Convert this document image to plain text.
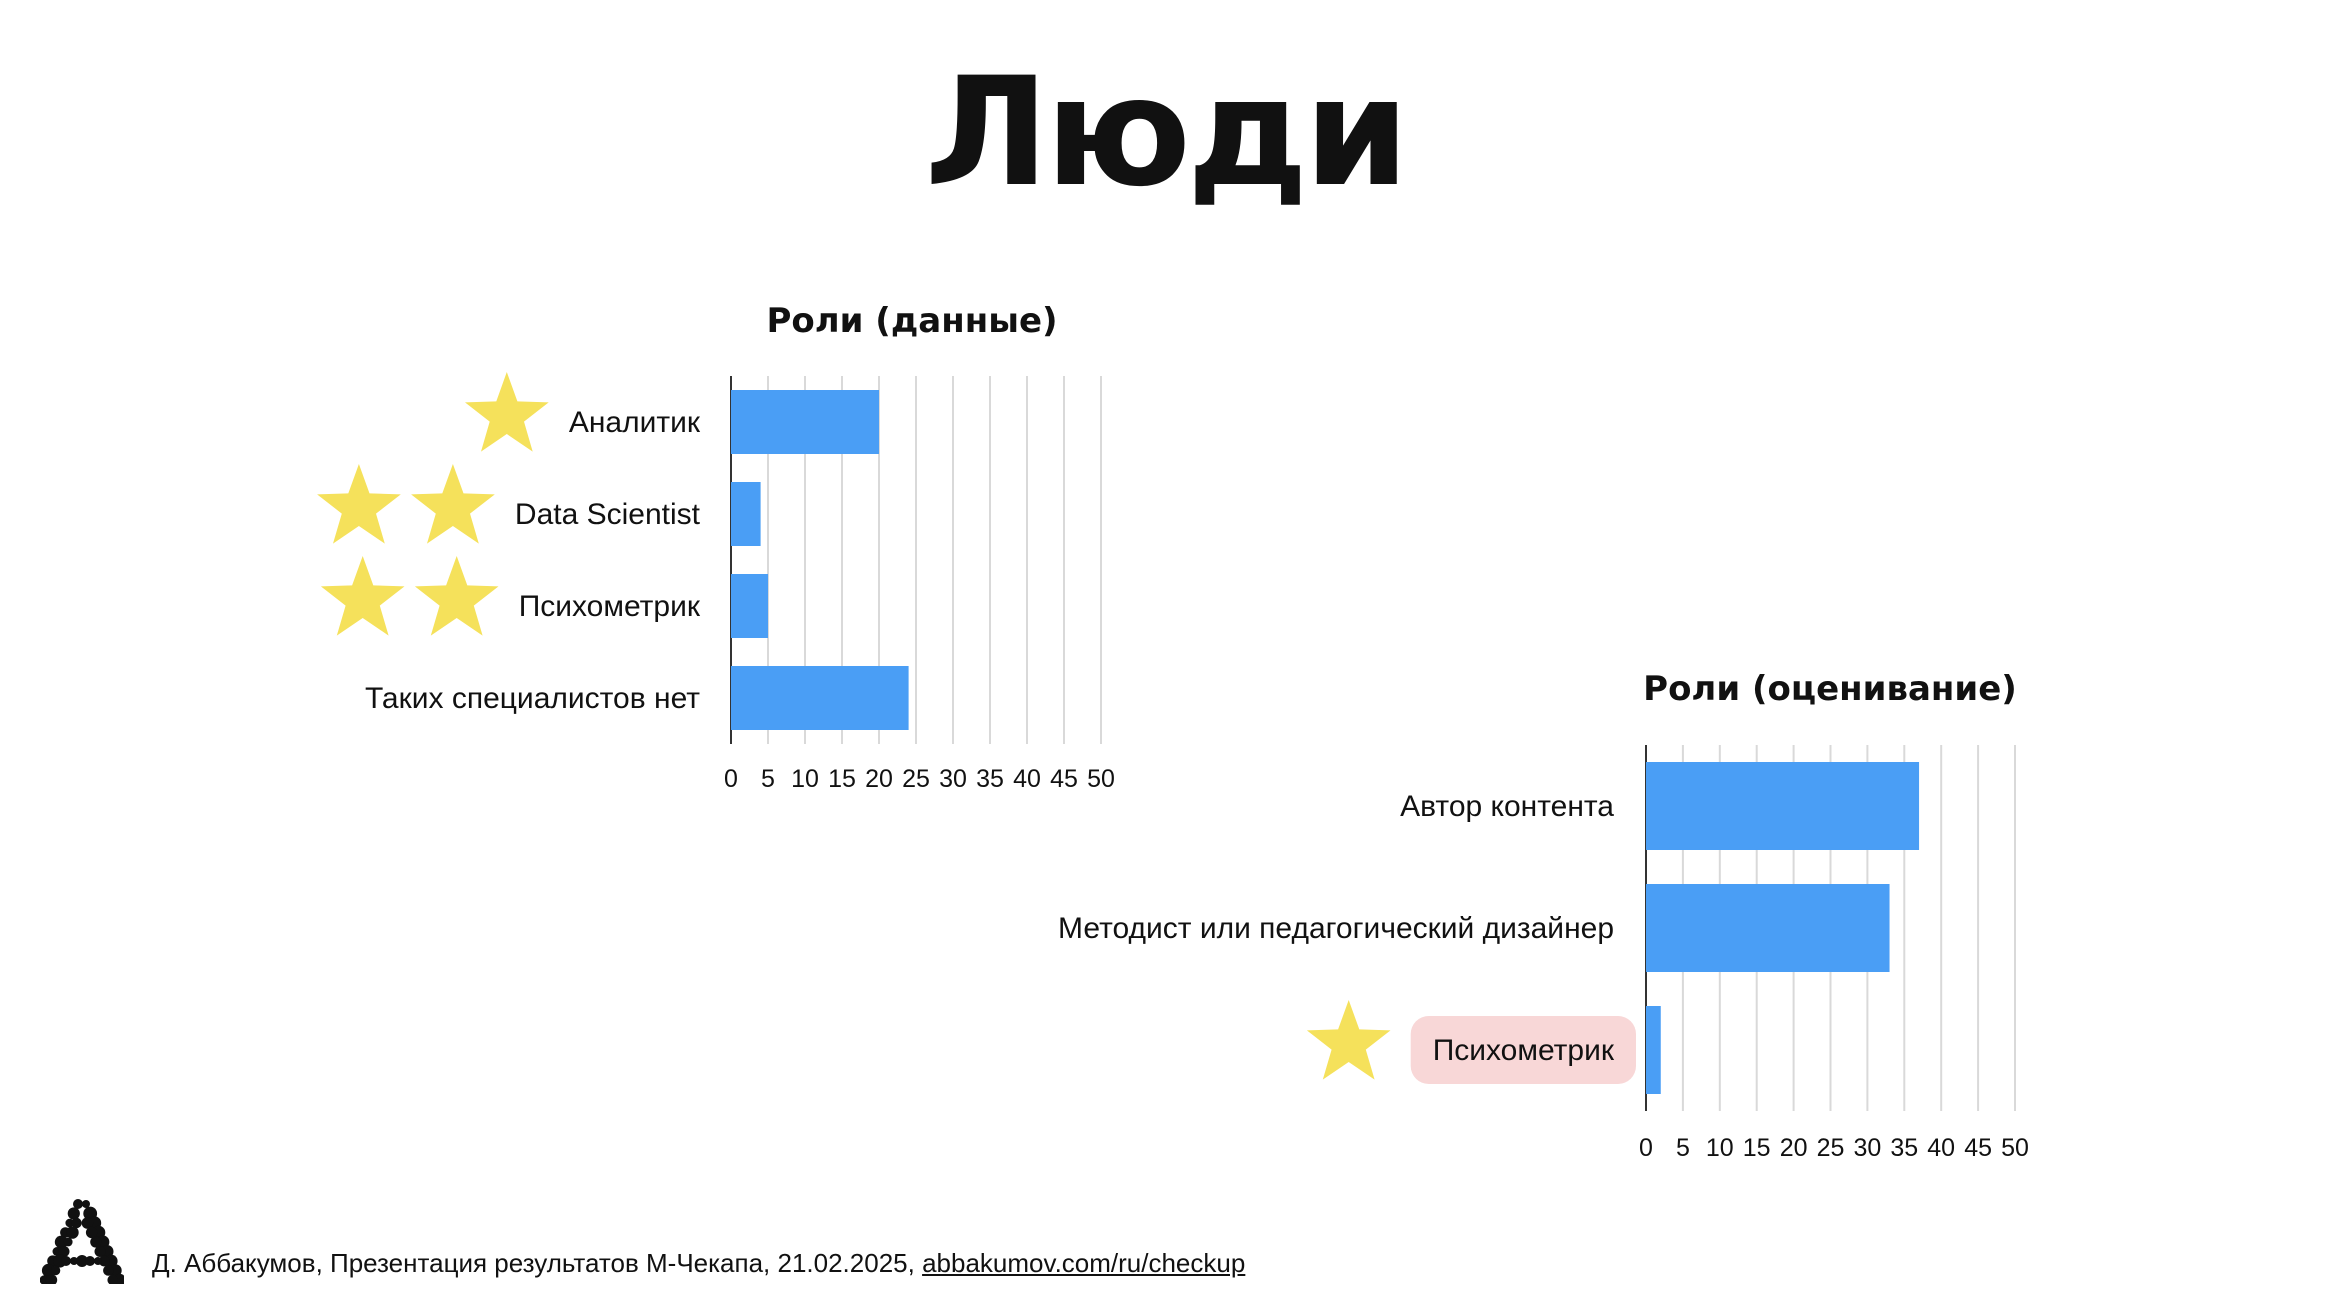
Люди
Роли (данные)
0 5 10 15 20 25 30 35 40 45 50
Аналитик
Data Scientist
Психометрик
Таких специалистов нет	Роли (оценивание)
0 5 10 15 20 25 30 35 40 45 50
Автор контента
Методист или педагогический дизайнер
Психометрик
Д. Аббакумов, Презентация результатов М-Чекапа, 21.02.2025, abbakumov.com/ru/checkup
